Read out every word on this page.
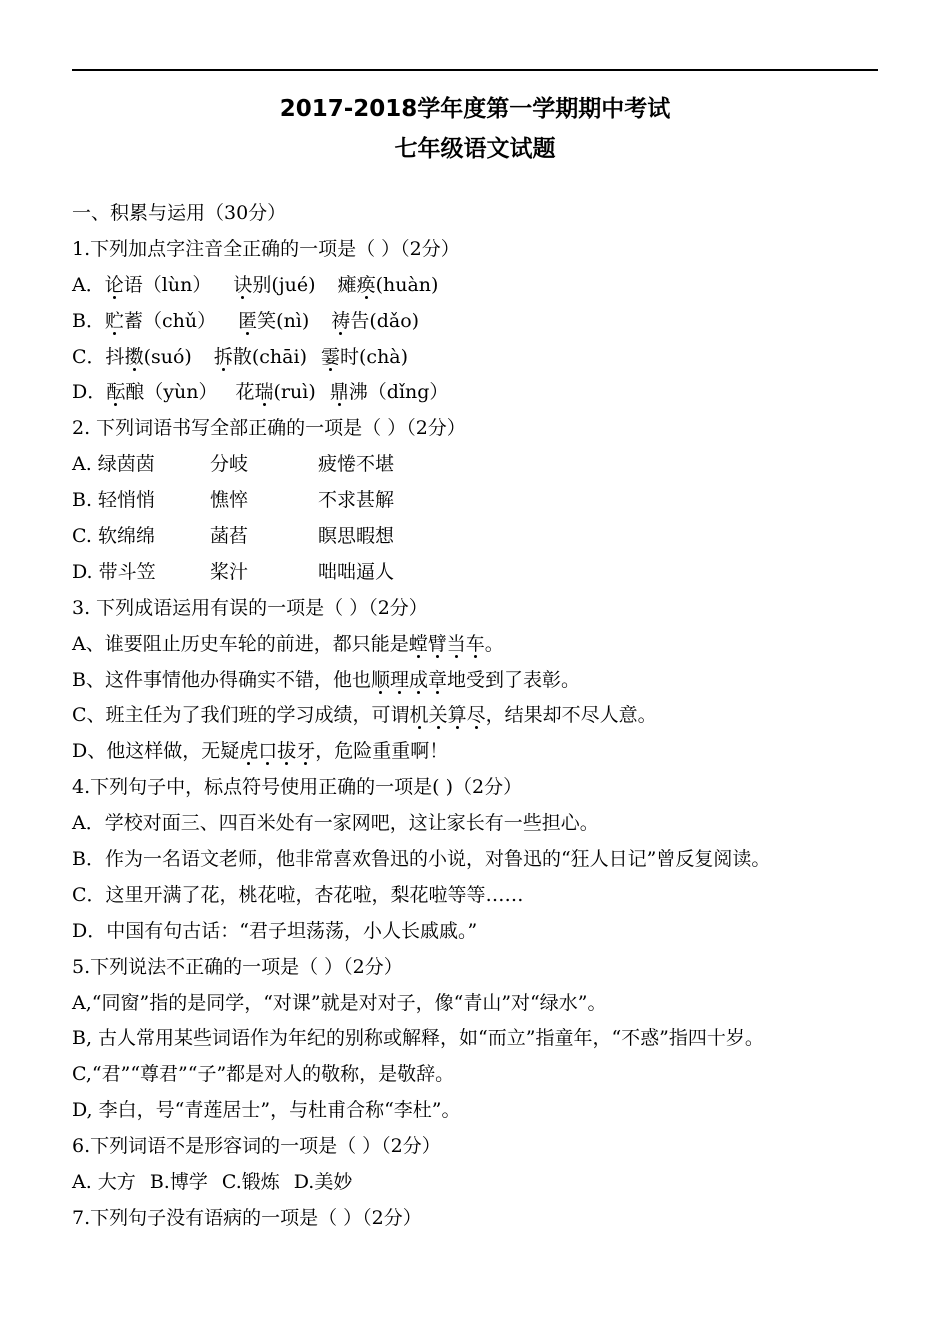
2017-2018学年度第一学期期中考试
七年级语文试题
一、积累与运用（30分）
1.下列加点字注音全正确的一项是（ ）（2分）
A．论语（lùn） 诀别(jué) 瘫痪(huàn)
B．贮蓄（chǔ） 匿笑(nì) 祷告(dǎo)
C．抖擞(suó) 拆散(chāi) 霎时(chà)
D．酝酿（yùn） 花瑞(ruì) 鼎沸（dǐng）
2. 下列词语书写全部正确的一项是（ ）（2分）
A. 绿茵茵	分岐	疲惓不堪
B. 轻悄悄	憔悴	不求甚解
C. 软绵绵	菡萏	瞑思暇想
D. 带斗笠	桨汁	咄咄逼人
3. 下列成语运用有误的一项是（ ）（2分）
A、谁要阻止历史车轮的前进，都只能是螳臂当车。
B、这件事情他办得确实不错，他也顺理成章地受到了表彰。
C、班主任为了我们班的学习成绩，可谓机关算尽，结果却不尽人意。
D、他这样做，无疑虎口拔牙，危险重重啊！
4.下列句子中，标点符号使用正确的一项是( )（2分）
A．学校对面三、四百米处有一家网吧，这让家长有一些担心。
B．作为一名语文老师，他非常喜欢鲁迅的小说，对鲁迅的“狂人日记”曾反复阅读。
C．这里开满了花，桃花啦，杏花啦，梨花啦等等……
D．中国有句古话：“君子坦荡荡，小人长戚戚。”
5.下列说法不正确的一项是（ ）（2分）
A,“同窗”指的是同学，“对课”就是对对子，像“青山”对“绿水”。
B, 古人常用某些词语作为年纪的别称或解释，如“而立”指童年，“不惑”指四十岁。
C,“君”“尊君”“子”都是对人的敬称，是敬辞。
D, 李白，号“青莲居士”，与杜甫合称“李杜”。
6.下列词语不是形容词的一项是（ ）（2分）
A. 大方 B.博学 C.锻炼 D.美妙
7.下列句子没有语病的一项是（ ）（2分）
